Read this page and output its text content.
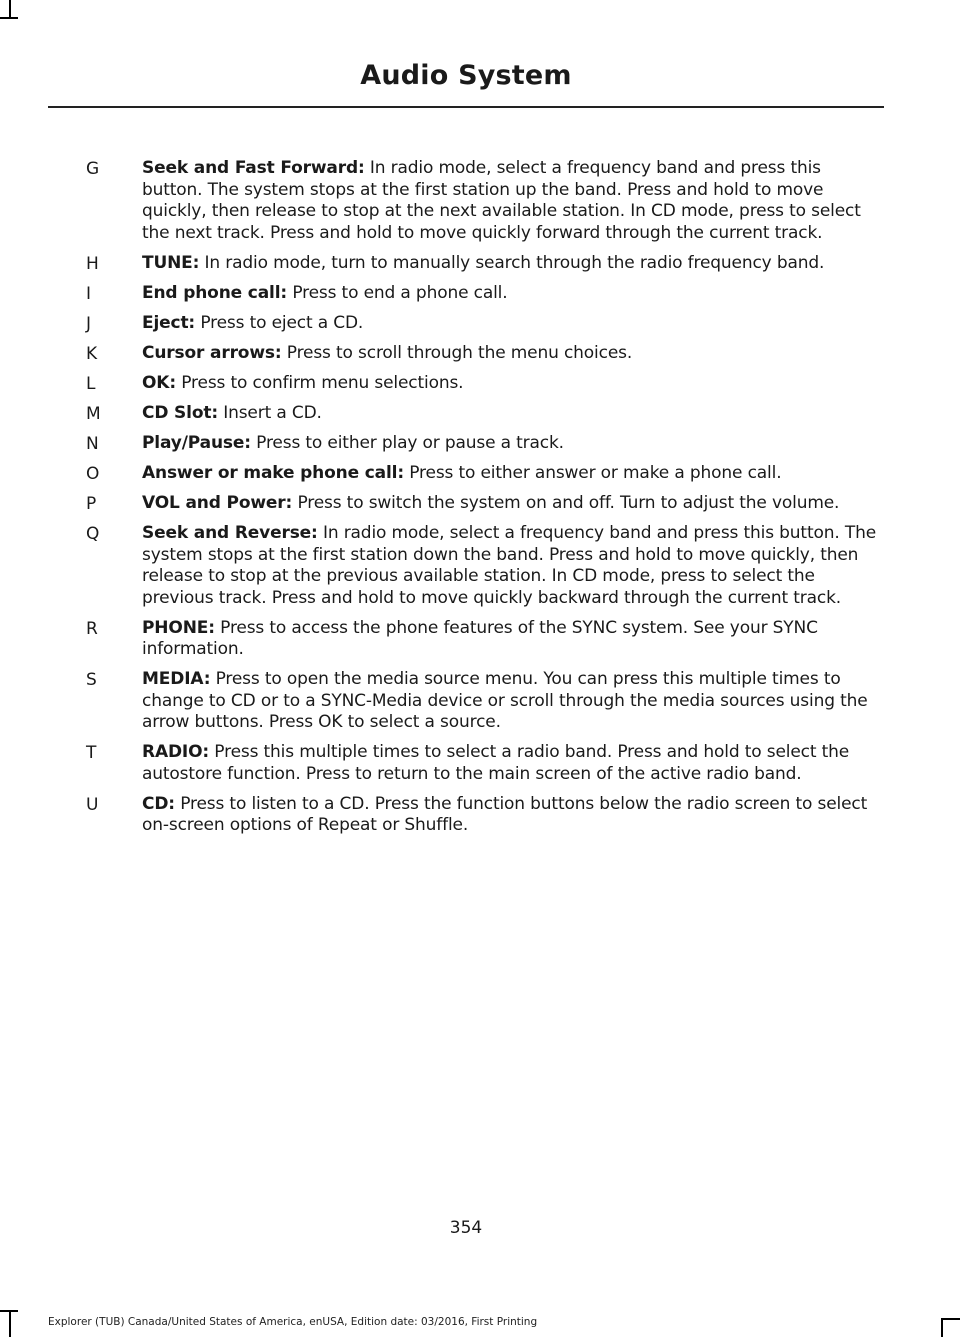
Audio System
G	Seek and Fast Forward: In radio mode, select a frequency band and press this button. The system stops at the first station up the band. Press and hold to move quickly, then release to stop at the next available station. In CD mode, press to select the next track. Press and hold to move quickly forward through the current track.
H	TUNE: In radio mode, turn to manually search through the radio frequency band.
I	End phone call: Press to end a phone call.
J	Eject: Press to eject a CD.
K	Cursor arrows: Press to scroll through the menu choices.
L	OK: Press to confirm menu selections.
M	CD Slot: Insert a CD.
N	Play/Pause: Press to either play or pause a track.
O	Answer or make phone call: Press to either answer or make a phone call.
P	VOL and Power: Press to switch the system on and off. Turn to adjust the volume.
Q	Seek and Reverse: In radio mode, select a frequency band and press this button. The system stops at the first station down the band. Press and hold to move quickly, then release to stop at the previous available station. In CD mode, press to select the previous track. Press and hold to move quickly backward through the current track.
R	PHONE: Press to access the phone features of the SYNC system. See your SYNC information.
S	MEDIA: Press to open the media source menu. You can press this multiple times to change to CD or to a SYNC-Media device or scroll through the media sources using the arrow buttons. Press OK to select a source.
T	RADIO: Press this multiple times to select a radio band. Press and hold to select the autostore function. Press to return to the main screen of the active radio band.
U	CD: Press to listen to a CD. Press the function buttons below the radio screen to select on-screen options of Repeat or Shuffle.
354
Explorer (TUB) Canada/United States of America, enUSA, Edition date: 03/2016, First Printing
